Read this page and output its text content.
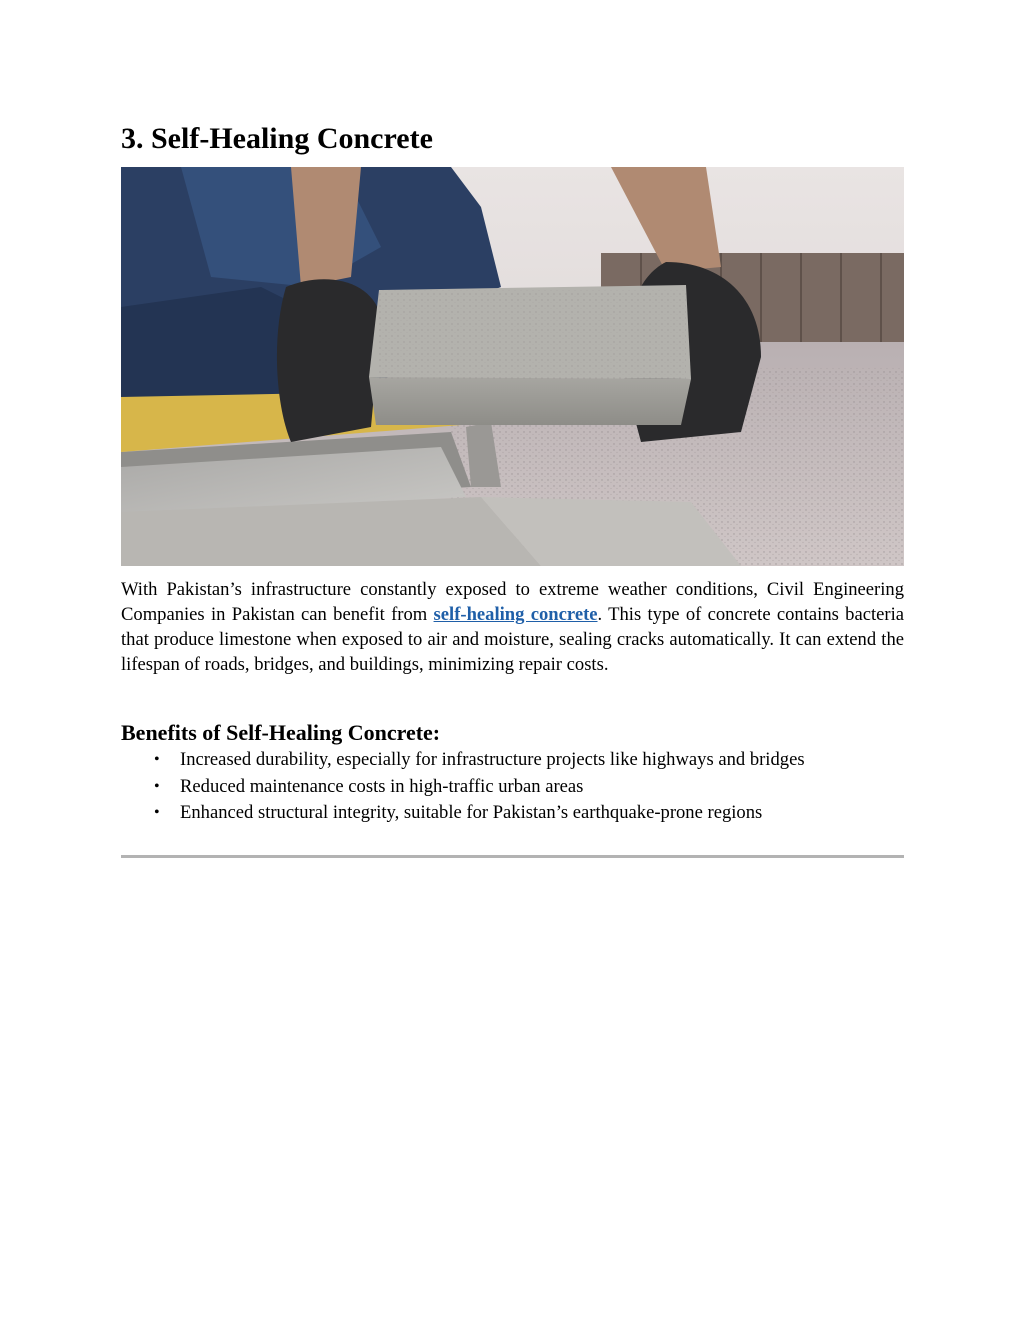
3. Self-Healing Concrete

With Pakistan’s infrastructure constantly exposed to extreme weather conditions, Civil Engineering Companies in Pakistan can benefit from self-healing concrete. This type of concrete contains bacteria that produce limestone when exposed to air and moisture, sealing cracks automatically. It can extend the lifespan of roads, bridges, and buildings, minimizing repair costs.

Benefits of Self-Healing Concrete:
• Increased durability, especially for infrastructure projects like highways and bridges
• Reduced maintenance costs in high-traffic urban areas
• Enhanced structural integrity, suitable for Pakistan’s earthquake-prone regions
